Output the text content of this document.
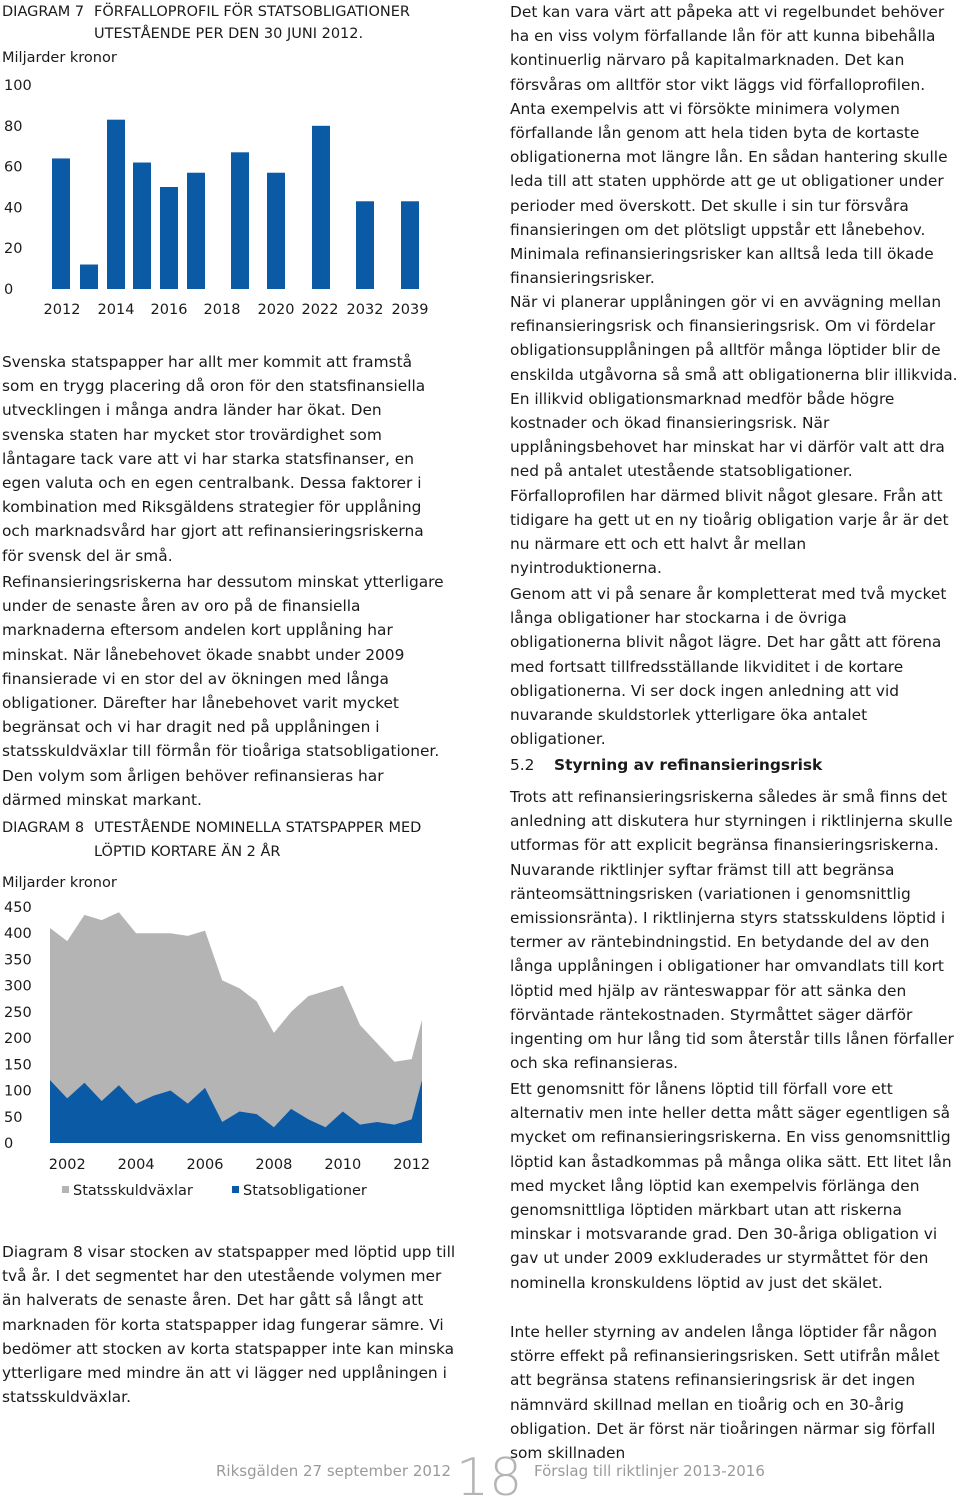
DIAGRAM 7 FÖRFALLOPROFIL FÖR STATSOBLIGATIONER
UTESTÅENDE PER DEN 30 JUNI 2012.
Miljarder kronor
100
80
60
40
20
0
2012 2014 2016 2018 2020 2022 2032 2039

Svenska statspapper har allt mer kommit att framstå som en trygg placering då oron för den statsfinansiella utvecklingen i många andra länder har ökat. Den svenska staten har mycket stor trovärdighet som låntagare tack vare att vi har starka statsfinanser, en egen valuta och en egen centralbank. Dessa faktorer i kombination med Riksgäldens strategier för upplåning och marknadsvård har gjort att refinansieringsriskerna för svensk del är små.

Refinansieringsriskerna har dessutom minskat ytterligare under de senaste åren av oro på de finansiella marknaderna eftersom andelen kort upplåning har minskat. När lånebehovet ökade snabbt under 2009 finansierade vi en stor del av ökningen med långa obligationer. Därefter har lånebehovet varit mycket begränsat och vi har dragit ned på upplåningen i statsskuldväxlar till förmån för tioåriga statsobligationer. Den volym som årligen behöver refinansieras har därmed minskat markant.

DIAGRAM 8 UTESTÅENDE NOMINELLA STATSPAPPER MED
LÖPTID KORTARE ÄN 2 ÅR
Miljarder kronor
450
400
350
300
250
200
150
100
50
0
2002 2004 2006 2008 2010 2012
Statsskuldväxlar	Statsobligationer

Diagram 8 visar stocken av statspapper med löptid upp till två år. I det segmentet har den utestående volymen mer än halverats de senaste åren. Det har gått så långt att marknaden för korta statspapper idag fungerar sämre. Vi bedömer att stocken av korta statspapper inte kan minska ytterligare med mindre än att vi lägger ned upplåningen i statsskuldväxlar.

Det kan vara värt att påpeka att vi regelbundet behöver ha en viss volym förfallande lån för att kunna bibehålla kontinuerlig närvaro på kapitalmarknaden. Det kan försvåras om alltför stor vikt läggs vid förfalloprofilen. Anta exempelvis att vi försökte minimera volymen förfallande lån genom att hela tiden byta de kortaste obligationerna mot längre lån. En sådan hantering skulle leda till att staten upphörde att ge ut obligationer under perioder med överskott. Det skulle i sin tur försvåra finansieringen om det plötsligt uppstår ett lånebehov. Minimala refinansieringsrisker kan alltså leda till ökade finansieringsrisker.

När vi planerar upplåningen gör vi en avvägning mellan refinansieringsrisk och finansieringsrisk. Om vi fördelar obligationsupplåningen på alltför många löptider blir de enskilda utgåvorna så små att obligationerna blir illikvida. En illikvid obligationsmarknad medför både högre kostnader och ökad finansieringsrisk. När upplåningsbehovet har minskat har vi därför valt att dra ned på antalet utestående statsobligationer. Förfalloprofilen har därmed blivit något glesare. Från att tidigare ha gett ut en ny tioårig obligation varje år är det nu närmare ett och ett halvt år mellan nyintroduktionerna.

Genom att vi på senare år kompletterat med två mycket långa obligationer har stockarna i de övriga obligationerna blivit något lägre. Det har gått att förena med fortsatt tillfredsställande likviditet i de kortare obligationerna. Vi ser dock ingen anledning att vid nuvarande skuldstorlek ytterligare öka antalet obligationer.

5.2 Styrning av refinansieringsrisk

Trots att refinansieringsriskerna således är små finns det anledning att diskutera hur styrningen i riktlinjerna skulle utformas för att explicit begränsa finansieringsriskerna. Nuvarande riktlinjer syftar främst till att begränsa ränteomsättningsrisken (variationen i genomsnittlig emissionsränta). I riktlinjerna styrs statsskuldens löptid i termer av räntebindningstid. En betydande del av den långa upplåningen i obligationer har omvandlats till kort löptid med hjälp av ränteswappar för att sänka den förväntade räntekostnaden. Styrmåttet säger därför ingenting om hur lång tid som återstår tills lånen förfaller och ska refinansieras.

Ett genomsnitt för lånens löptid till förfall vore ett alternativ men inte heller detta mått säger egentligen så mycket om refinansieringsriskerna. En viss genomsnittlig löptid kan åstadkommas på många olika sätt. Ett litet lån med mycket lång löptid kan exempelvis förlänga den genomsnittliga löptiden märkbart utan att riskerna minskar i motsvarande grad. Den 30-åriga obligation vi gav ut under 2009 exkluderades ur styrmåttet för den nominella kronskuldens löptid av just det skälet.

Inte heller styrning av andelen långa löptider får någon större effekt på refinansieringsrisken. Sett utifrån målet att begränsa statens refinansieringsrisk är det ingen nämnvärd skillnad mellan en tioårig och en 30-årig obligation. Det är först när tioåringen närmar sig förfall som skillnaden

Riksgälden 27 september 2012 18 Förslag till riktlinjer 2013-2016
